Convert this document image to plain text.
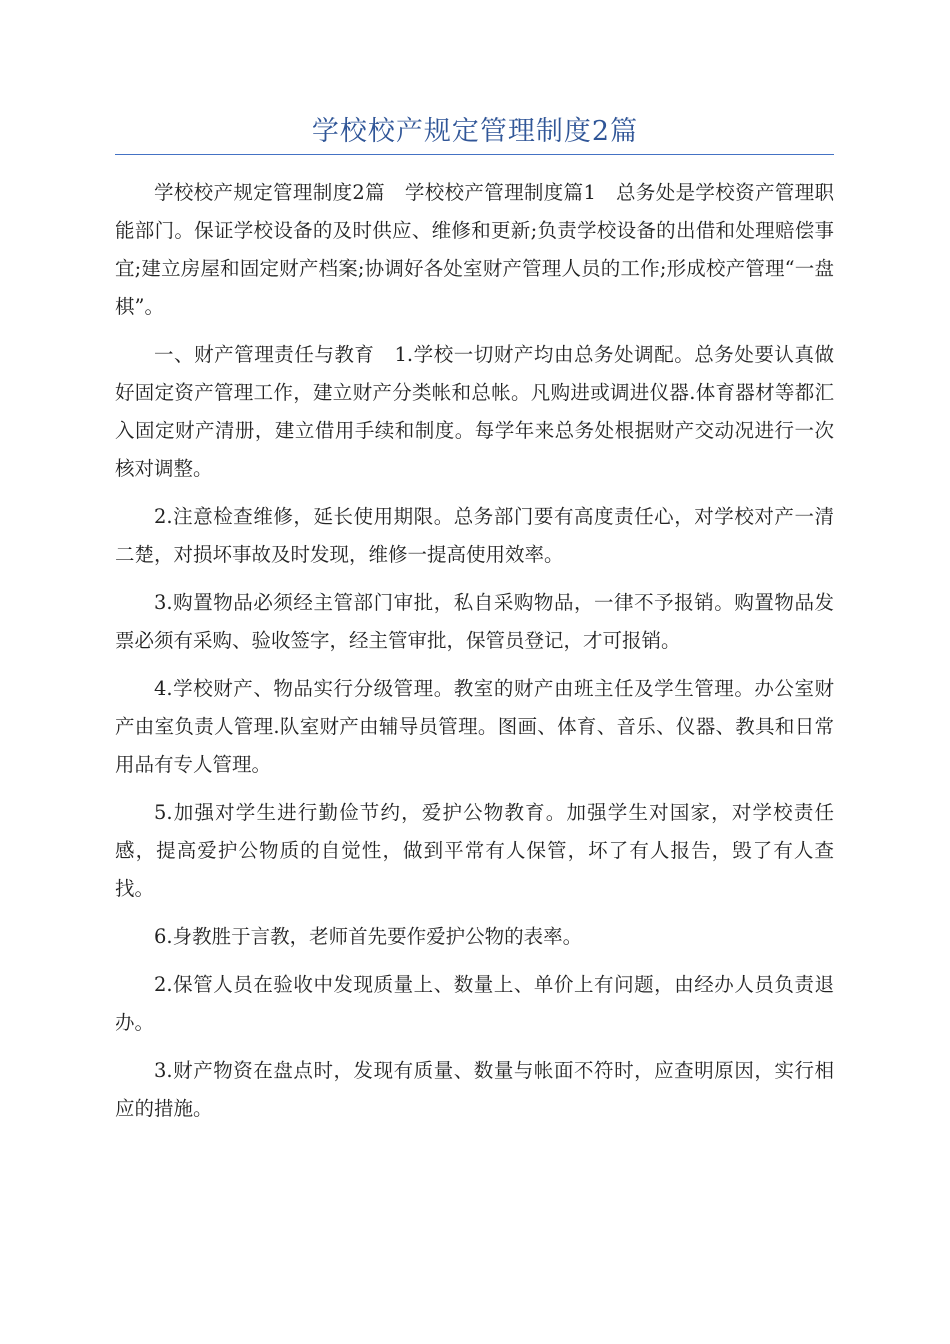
学校校产规定管理制度2篇

学校校产规定管理制度2篇　学校校产管理制度篇1　总务处是学校资产管理职能部门。保证学校设备的及时供应、维修和更新;负责学校设备的出借和处理赔偿事宜;建立房屋和固定财产档案;协调好各处室财产管理人员的工作;形成校产管理“一盘棋”。

一、财产管理责任与教育　1.学校一切财产均由总务处调配。总务处要认真做好固定资产管理工作，建立财产分类帐和总帐。凡购进或调进仪器.体育器材等都汇入固定财产清册，建立借用手续和制度。每学年来总务处根据财产交动况进行一次核对调整。

2.注意检查维修，延长使用期限。总务部门要有高度责任心，对学校对产一清二楚，对损坏事故及时发现，维修一提高使用效率。

3.购置物品必须经主管部门审批，私自采购物品，一律不予报销。购置物品发票必须有采购、验收签字，经主管审批，保管员登记，才可报销。

4.学校财产、物品实行分级管理。教室的财产由班主任及学生管理。办公室财产由室负责人管理.队室财产由辅导员管理。图画、体育、音乐、仪器、教具和日常用品有专人管理。

5.加强对学生进行勤俭节约，爱护公物教育。加强学生对国家，对学校责任感，提高爱护公物质的自觉性，做到平常有人保管，坏了有人报告，毁了有人查找。

6.身教胜于言教，老师首先要作爱护公物的表率。

2.保管人员在验收中发现质量上、数量上、单价上有问题，由经办人员负责退办。

3.财产物资在盘点时，发现有质量、数量与帐面不符时，应查明原因，实行相应的措施。
